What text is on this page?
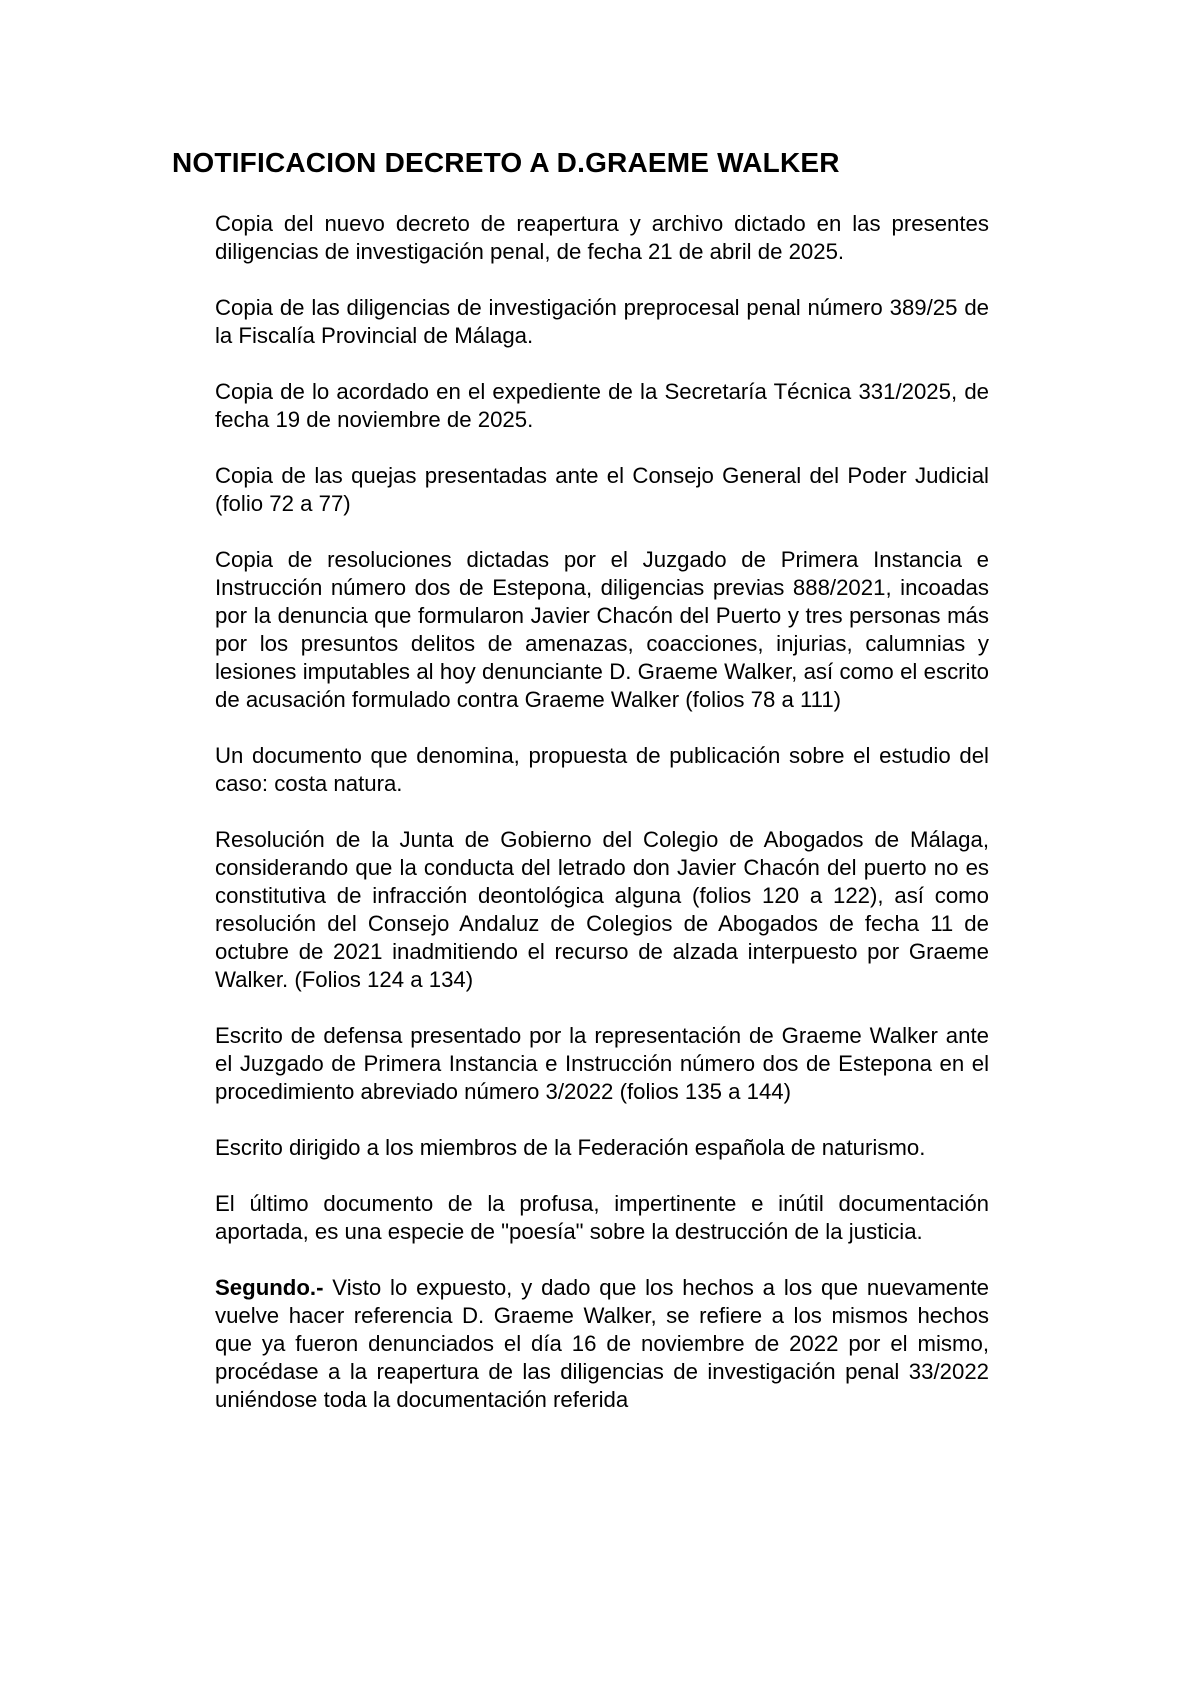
NOTIFICACION DECRETO A D.GRAEME WALKER

Copia del nuevo decreto de reapertura y archivo dictado en las presentes diligencias de investigación penal, de fecha 21 de abril de 2025.

Copia de las diligencias de investigación preprocesal penal número 389/25 de la Fiscalía Provincial de Málaga.

Copia de lo acordado en el expediente de la Secretaría Técnica 331/2025, de fecha 19 de noviembre de 2025.

Copia de las quejas presentadas ante el Consejo General del Poder Judicial (folio 72 a 77)

Copia de resoluciones dictadas por el Juzgado de Primera Instancia e Instrucción número dos de Estepona, diligencias previas 888/2021, incoadas por la denuncia que formularon Javier Chacón del Puerto y tres personas más por los presuntos delitos de amenazas, coacciones, injurias, calumnias y lesiones imputables al hoy denunciante D. Graeme Walker, así como el escrito de acusación formulado contra Graeme Walker (folios 78 a 111)

Un documento que denomina, propuesta de publicación sobre el estudio del caso: costa natura.

Resolución de la Junta de Gobierno del Colegio de Abogados de Málaga, considerando que la conducta del letrado don Javier Chacón del puerto no es constitutiva de infracción deontológica alguna (folios 120 a 122), así como resolución del Consejo Andaluz de Colegios de Abogados de fecha 11 de octubre de 2021 inadmitiendo el recurso de alzada interpuesto por Graeme Walker. (Folios 124 a 134)

Escrito de defensa presentado por la representación de Graeme Walker ante el Juzgado de Primera Instancia e Instrucción número dos de Estepona en el procedimiento abreviado número 3/2022 (folios 135 a 144)

Escrito dirigido a los miembros de la Federación española de naturismo.

El último documento de la profusa, impertinente e inútil documentación aportada, es una especie de "poesía" sobre la destrucción de la justicia.

Segundo.- Visto lo expuesto, y dado que los hechos a los que nuevamente vuelve hacer referencia D. Graeme Walker, se refiere a los mismos hechos que ya fueron denunciados el día 16 de noviembre de 2022 por el mismo, procédase a la reapertura de las diligencias de investigación penal 33/2022 uniéndose toda la documentación referida
